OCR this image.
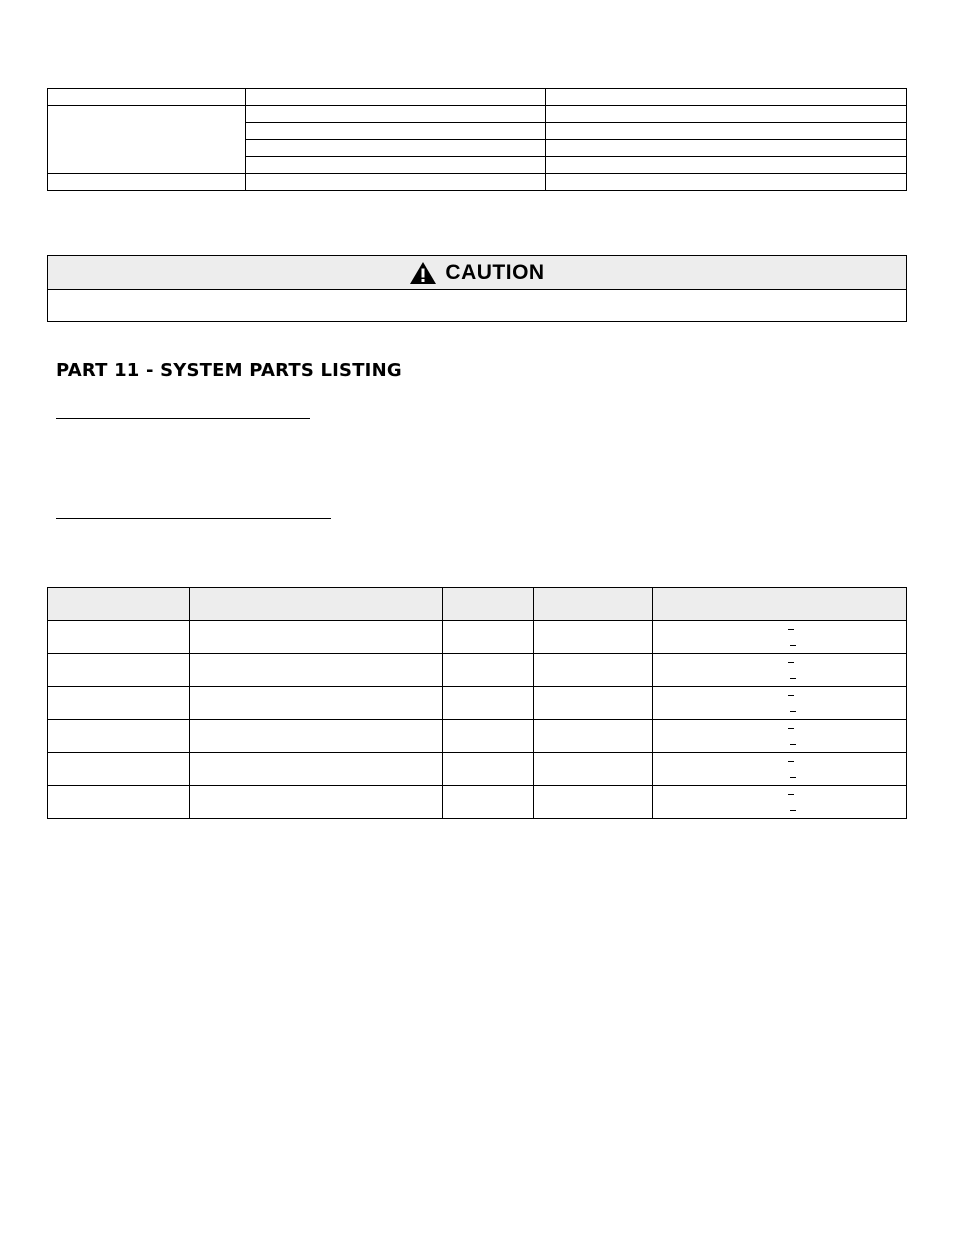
CAUTION
PART 11 - SYSTEM PARTS LISTING
